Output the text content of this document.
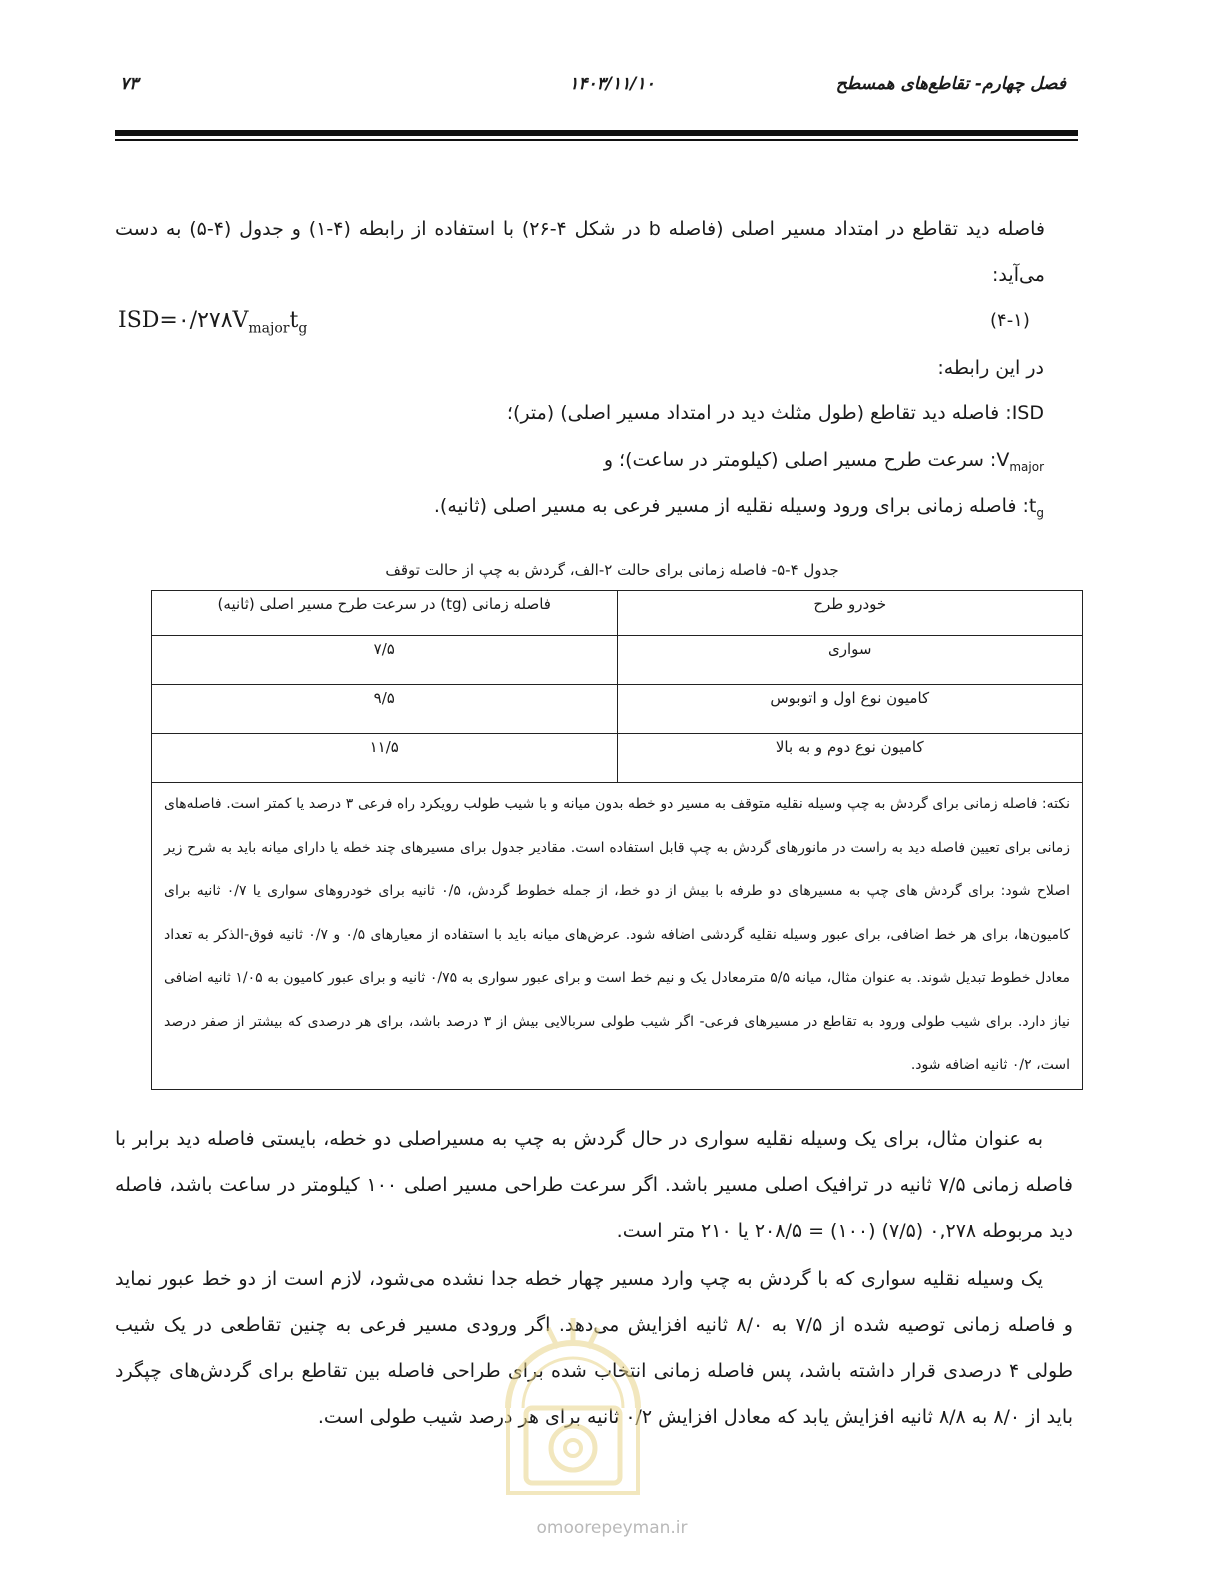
فصل چهارم- تقاطع‌های همسطح
۱۴۰۳/۱۱/۱۰
۷۳
فاصله دید تقاطع در امتداد مسیر اصلی (فاصله b در شکل ۴-۲۶) با استفاده از رابطه (۴-۱) و جدول (۴-۵) به دست می‌آید:
$ISD=۰/۲۷۸V_{major}t_g$	(۴-۱)
در این رابطه:
ISD: فاصله دید تقاطع (طول مثلث دید در امتداد مسیر اصلی) (متر)؛
$V_{major}$: سرعت طرح مسیر اصلی (کیلومتر در ساعت)؛ و
$t_g$: فاصله زمانی برای ورود وسیله نقلیه از مسیر فرعی به مسیر اصلی (ثانیه).
جدول ۴-۵- فاصله زمانی برای حالت ۲-الف، گردش به چپ از حالت توقف
خودرو طرح	فاصله زمانی (tg) در سرعت طرح مسیر اصلی (ثانیه)
سواری	۷/۵
کامیون نوع اول و اتوبوس	۹/۵
کامیون نوع دوم و به بالا	۱۱/۵
نکته: فاصله زمانی برای گردش به چپ وسیله نقلیه متوقف به مسیر دو خطه بدون میانه و با شیب طولب رویکرد راه فرعی ۳ درصد یا کمتر است. فاصله‌های زمانی برای تعیین فاصله دید به راست در مانورهای گردش به چپ قابل استفاده است. مقادیر جدول برای مسیرهای چند خطه یا دارای میانه باید به شرح زیر اصلاح شود: برای گردش های چپ به مسیرهای دو طرفه با بیش از دو خط، از جمله خطوط گردش، ۰/۵ ثانیه برای خودروهای سواری یا ۰/۷ ثانیه برای کامیون‌ها، برای هر خط اضافی، برای عبور وسیله نقلیه گردشی اضافه شود. عرض‌های میانه باید با استفاده از معیارهای ۰/۵ و ۰/۷ ثانیه فوق-الذکر به تعداد معادل خطوط تبدیل شوند. به عنوان مثال، میانه ۵/۵ مترمعادل یک و نیم خط است و برای عبور سواری به ۰/۷۵ ثانیه و برای عبور کامیون به ۱/۰۵ ثانیه اضافی نیاز دارد. برای شیب طولی ورود به تقاطع در مسیرهای فرعی- اگر شیب طولی سربالایی بیش از ۳ درصد باشد، برای هر درصدی که بیشتر از صفر درصد است، ۰/۲ ثانیه اضافه شود.	
به عنوان مثال، برای یک وسیله نقلیه سواری در حال گردش به چپ به مسیراصلی دو خطه، بایستی فاصله دید برابر با فاصله زمانی ۷/۵ ثانیه در ترافیک اصلی مسیر باشد. اگر سرعت طراحی مسیر اصلی ۱۰۰ کیلومتر در ساعت باشد، فاصله دید مربوطه ۰,۲۷۸ (۷/۵) (۱۰۰) = ۲۰۸/۵ یا ۲۱۰ متر است.
یک وسیله نقلیه سواری که با گردش به چپ وارد مسیر چهار خطه جدا نشده می‌شود، لازم است از دو خط عبور نماید و فاصله زمانی توصیه شده از ۷/۵ به ۸/۰ ثانیه افزایش می‌دهد. اگر ورودی مسیر فرعی به چنین تقاطعی در یک شیب طولی ۴ درصدی قرار داشته باشد، پس فاصله زمانی انتخاب شده برای طراحی فاصله بین تقاطع برای گردش‌های چپگرد باید از ۸/۰ به ۸/۸ ثانیه افزایش یابد که معادل افزایش ۰/۲ ثانیه برای هر درصد شیب طولی است.
omoorepeyman.ir
